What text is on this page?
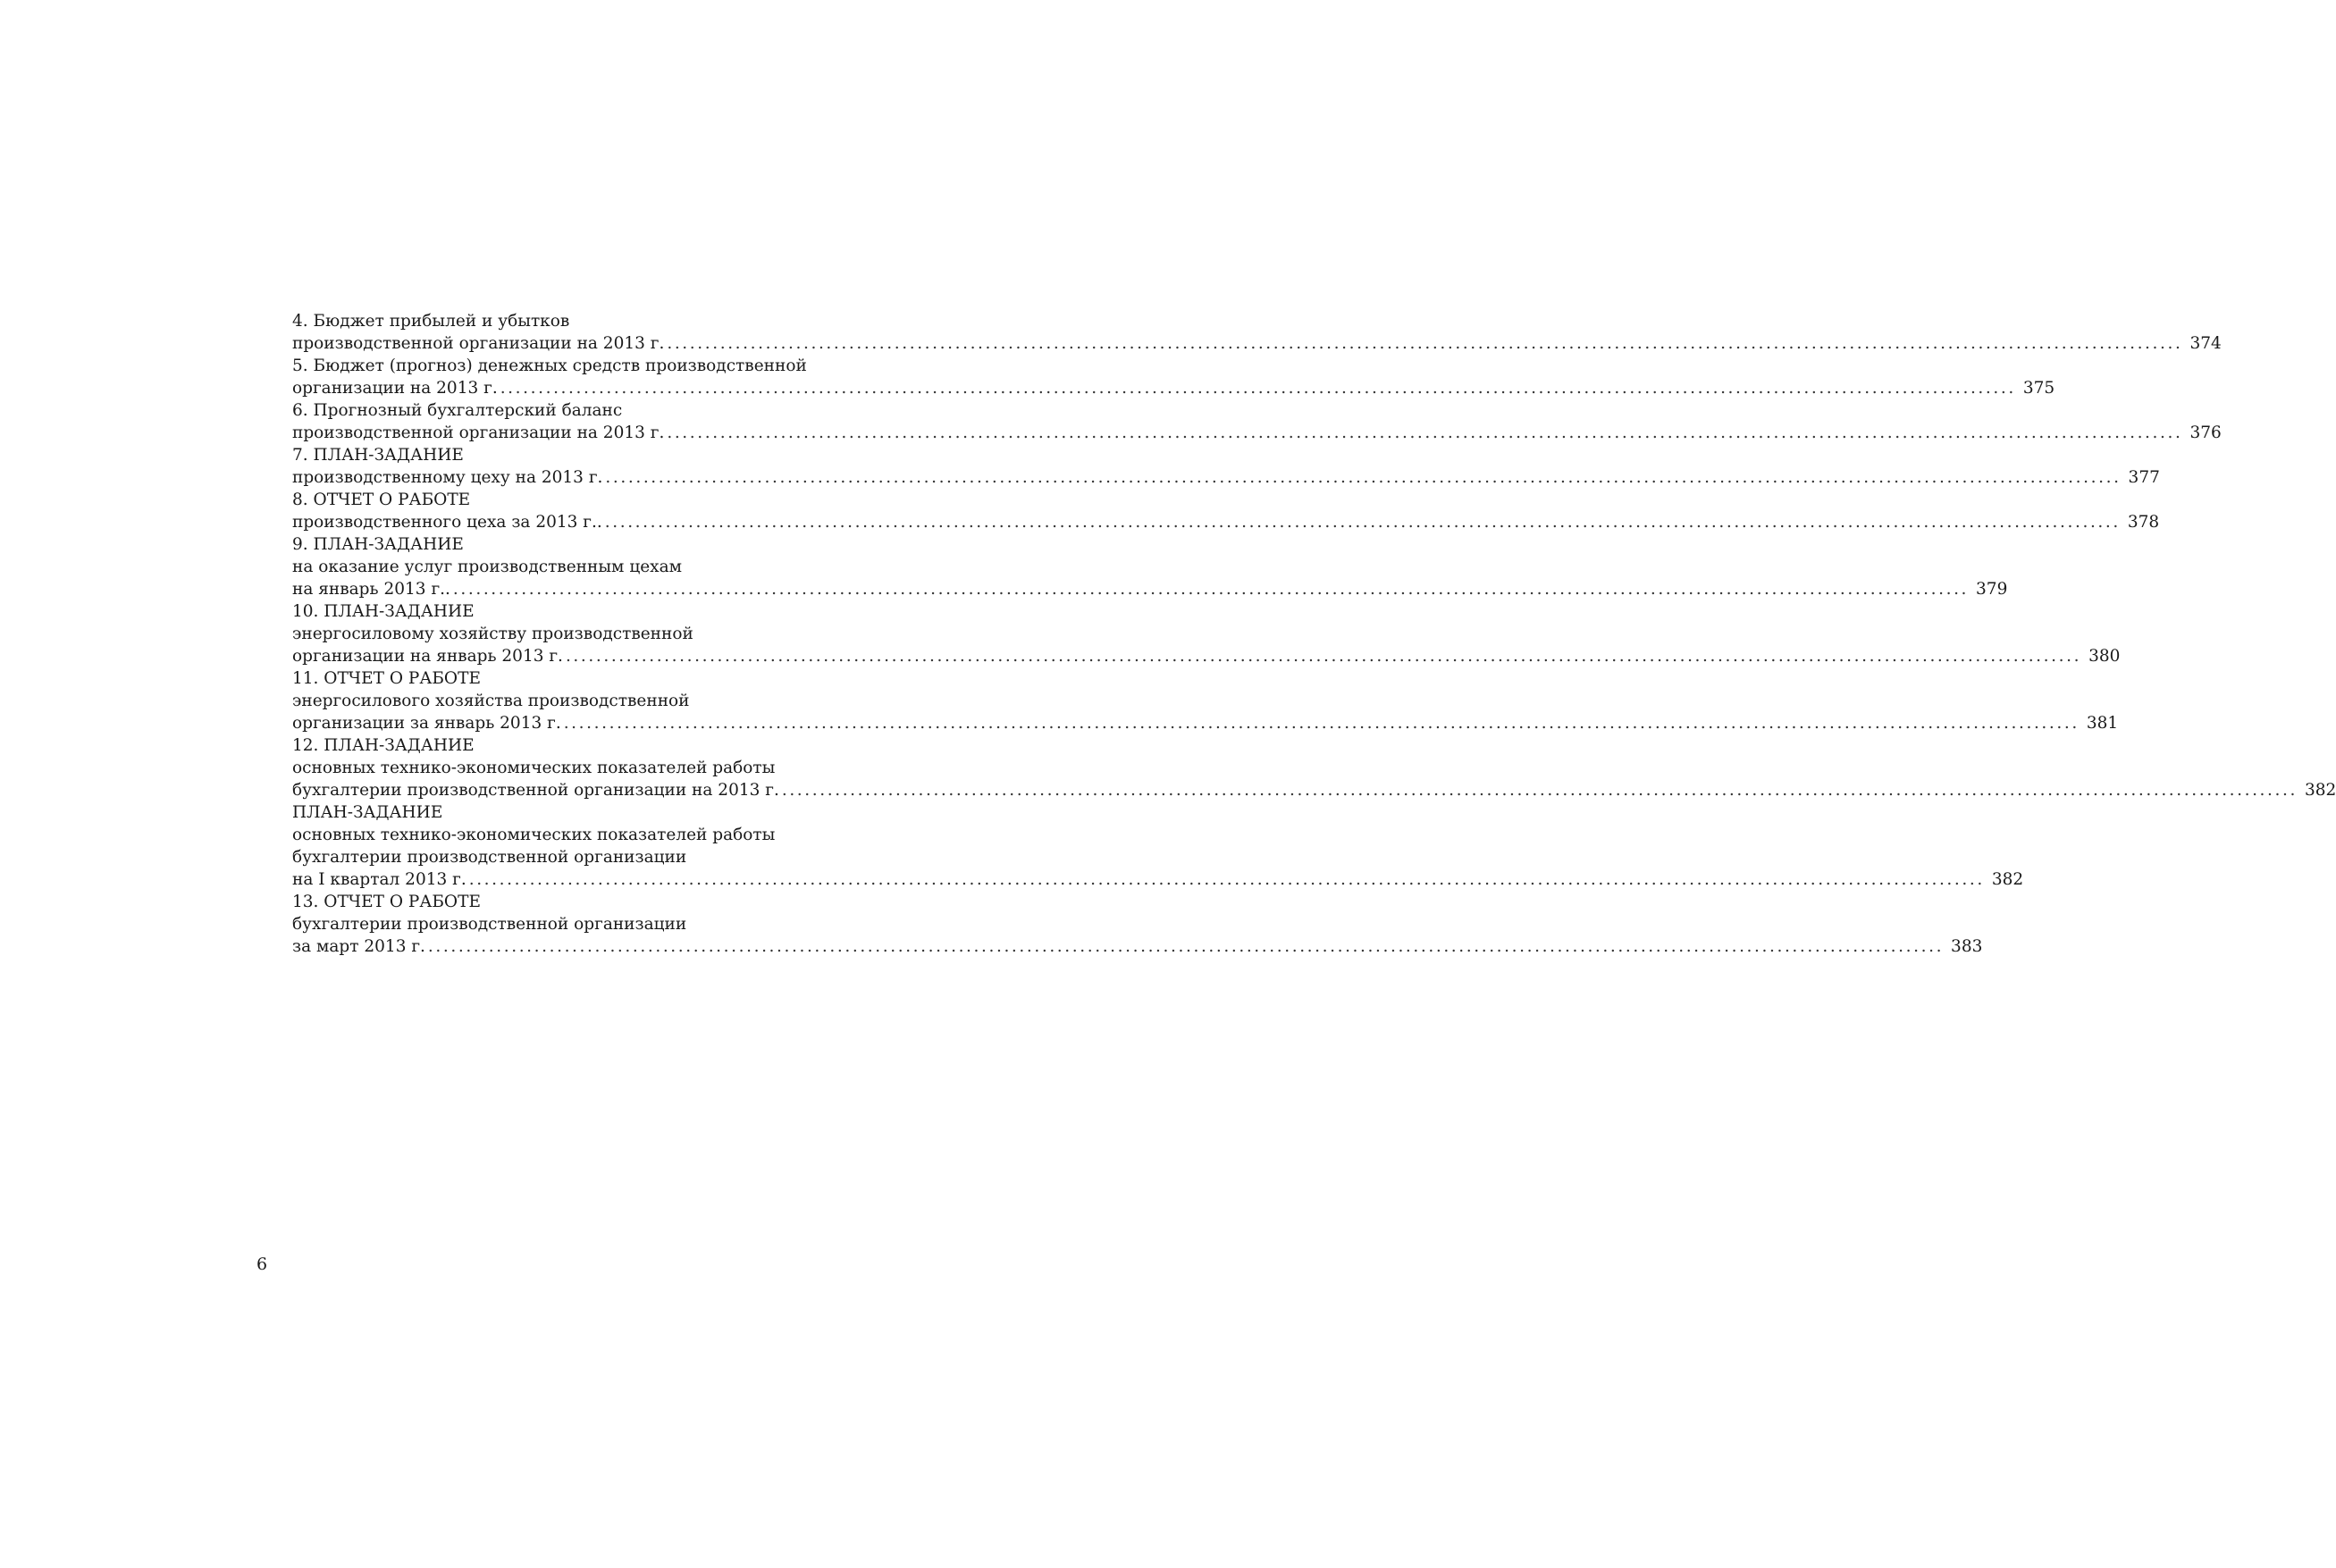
4. Бюджет прибылей и убытков
производственной организации на 2013 г. ........................................................................................................................................................................................................ 374
5. Бюджет (прогноз) денежных средств производственной
организации на 2013 г. ........................................................................................................................................................................................................ 375
6. Прогнозный бухгалтерский баланс
производственной организации на 2013 г. ........................................................................................................................................................................................................ 376
7. ПЛАН-ЗАДАНИЕ
производственному цеху на 2013 г. ........................................................................................................................................................................................................ 377
8. ОТЧЕТ О РАБОТЕ
производственного цеха за 2013 г.. ........................................................................................................................................................................................................ 378
9. ПЛАН-ЗАДАНИЕ
на оказание услуг производственным цехам
на январь 2013 г.. ........................................................................................................................................................................................................ 379
10. ПЛАН-ЗАДАНИЕ
энергосиловому хозяйству производственной
организации на январь 2013 г. ........................................................................................................................................................................................................ 380
11. ОТЧЕТ О РАБОТЕ
энергосилового хозяйства производственной
организации за январь 2013 г. ........................................................................................................................................................................................................ 381
12. ПЛАН-ЗАДАНИЕ
основных технико-экономических показателей работы
бухгалтерии производственной организации на 2013 г. ........................................................................................................................................................................................................ 382
ПЛАН-ЗАДАНИЕ
основных технико-экономических показателей работы
бухгалтерии производственной организации
на I квартал 2013 г. ........................................................................................................................................................................................................ 382
13. ОТЧЕТ О РАБОТЕ
бухгалтерии производственной организации
за март 2013 г. ........................................................................................................................................................................................................ 383
6
